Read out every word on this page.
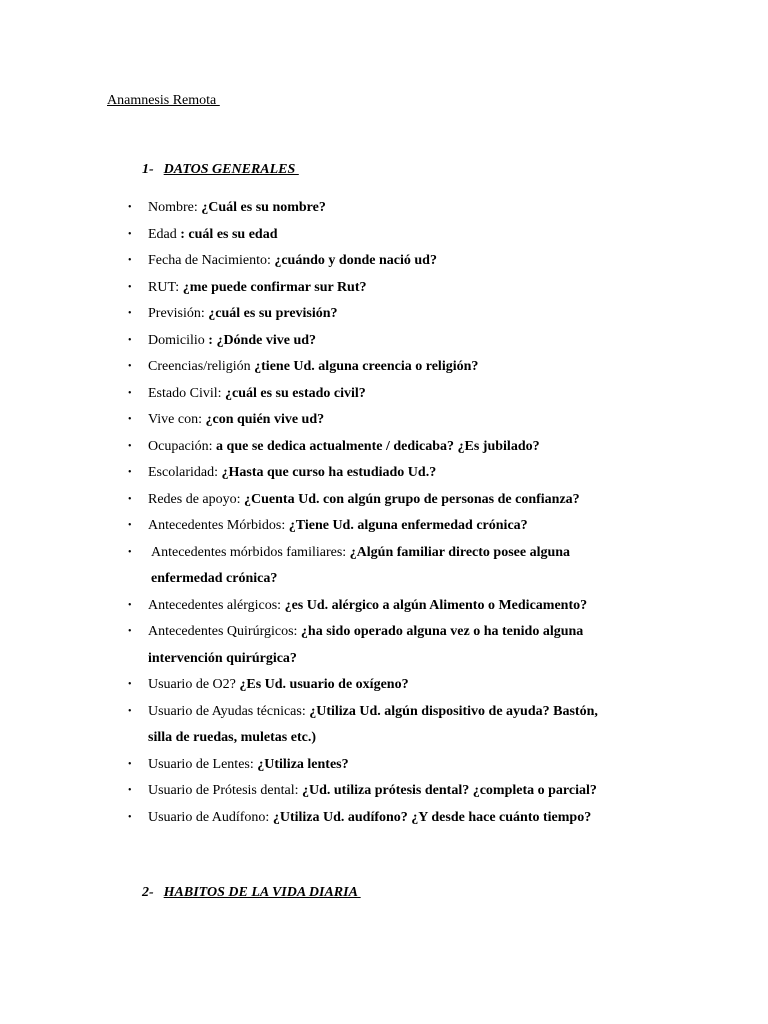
Anamnesis Remota

1- DATOS GENERALES

•	Nombre: ¿Cuál es su nombre?
•	Edad : cuál es su edad
•	Fecha de Nacimiento: ¿cuándo y donde nació ud?
•	RUT: ¿me puede confirmar sur Rut?
•	Previsión: ¿cuál es su previsión?
•	Domicilio : ¿Dónde vive ud?
•	Creencias/religión ¿tiene Ud. alguna creencia o religión?
•	Estado Civil: ¿cuál es su estado civil?
•	Vive con: ¿con quién vive ud?
•	Ocupación: a que se dedica actualmente / dedicaba? ¿Es jubilado?
•	Escolaridad: ¿Hasta que curso ha estudiado Ud.?
•	Redes de apoyo: ¿Cuenta Ud. con algún grupo de personas de confianza?
•	Antecedentes Mórbidos: ¿Tiene Ud. alguna enfermedad crónica?
•	Antecedentes mórbidos familiares: ¿Algún familiar directo posee alguna
enfermedad crónica?
•	Antecedentes alérgicos: ¿es Ud. alérgico a algún Alimento o Medicamento?
•	Antecedentes Quirúrgicos: ¿ha sido operado alguna vez o ha tenido alguna
intervención quirúrgica?
•	Usuario de O2? ¿Es Ud. usuario de oxígeno?
•	Usuario de Ayudas técnicas: ¿Utiliza Ud. algún dispositivo de ayuda? Bastón,
silla de ruedas, muletas etc.)
•	Usuario de Lentes: ¿Utiliza lentes?
•	Usuario de Prótesis dental: ¿Ud. utiliza prótesis dental? ¿completa o parcial?
•	Usuario de Audífono: ¿Utiliza Ud. audífono? ¿Y desde hace cuánto tiempo?

2- HABITOS DE LA VIDA DIARIA
